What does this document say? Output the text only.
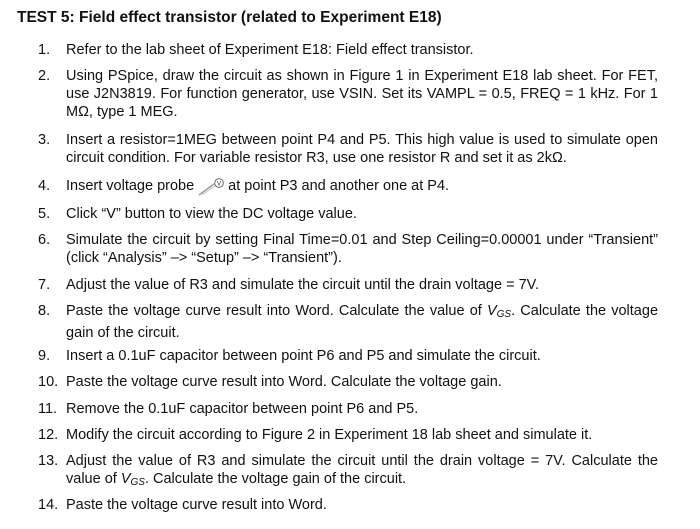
TEST 5: Field effect transistor (related to Experiment E18)
1.	Refer to the lab sheet of Experiment E18: Field effect transistor.
2.	Using PSpice, draw the circuit as shown in Figure 1 in Experiment E18 lab sheet. For FET, use J2N3819. For function generator, use VSIN. Set its VAMPL = 0.5, FREQ = 1 kHz. For 1 MΩ, type 1 MEG.
3.	Insert a resistor=1MEG between point P4 and P5. This high value is used to simulate open circuit condition. For variable resistor R3, use one resistor R and set it as 2kΩ.
4.	Insert voltage probe	V at point P3 and another one at P4.
5.	Click “V” button to view the DC voltage value.
6.	Simulate the circuit by setting Final Time=0.01 and Step Ceiling=0.00001 under “Transient” (click “Analysis” –> “Setup” –> “Transient”).
7.	Adjust the value of R3 and simulate the circuit until the drain voltage = 7V.
8.	Paste the voltage curve result into Word. Calculate the value of VGS. Calculate the voltage gain of the circuit.
9.	Insert a 0.1uF capacitor between point P6 and P5 and simulate the circuit.
10. Paste the voltage curve result into Word. Calculate the voltage gain.
11. Remove the 0.1uF capacitor between point P6 and P5.
12. Modify the circuit according to Figure 2 in Experiment 18 lab sheet and simulate it.
13. Adjust the value of R3 and simulate the circuit until the drain voltage = 7V. Calculate the value of VGS. Calculate the voltage gain of the circuit.
14. Paste the voltage curve result into Word.
